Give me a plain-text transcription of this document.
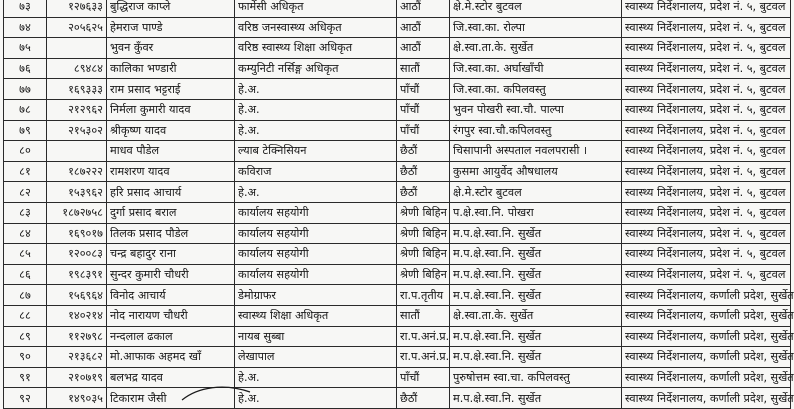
७३	१२७६३३	बुद्धिराज काप्ले	फार्मेसी अधिकृत	आठौं	क्षे.मे.स्टोर बुटवल	स्वास्थ्य निर्देशनालय, प्रदेश नं. ५, बुटवल
७४	२०५६२५	हेमराज पाण्डे	वरिष्ठ जनस्वास्थ्य अधिकृत	आठौं	जि.स्वा.का. रोल्पा	स्वास्थ्य निर्देशनालय, प्रदेश नं. ५, बुटवल
७५		भुवन कुँवर	वरिष्ठ स्वास्थ्य शिक्षा अधिकृत	आठौं	क्षे.स्वा.ता.के. सुर्खेत	स्वास्थ्य निर्देशनालय, प्रदेश नं. ५, बुटवल
७६	८९४८४	कालिका भण्डारी	कम्युनिटी नर्सिङ्ग अधिकृत	सातौं	जि.स्वा.का. अर्घाखाँची	स्वास्थ्य निर्देशनालय, प्रदेश नं. ५, बुटवल
७७	१६९३३३	राम प्रसाद भट्टराई	हे.अ.	पाँचौं	जि.स्वा.का. कपिलवस्तु	स्वास्थ्य निर्देशनालय, प्रदेश नं. ५, बुटवल
७८	२१२९६२	निर्मला कुमारी यादव	हे.अ.	पाँचौं	भुवन पोखरी स्वा.चौ. पाल्पा	स्वास्थ्य निर्देशनालय, प्रदेश नं. ५, बुटवल
७९	२१५३०२	श्रीकृष्ण यादव	हे.अ.	पाँचौं	रंगपुर स्वा.चौ.कपिलवस्तु	स्वास्थ्य निर्देशनालय, प्रदेश नं. ५, बुटवल
८०		माधव पौडेल	ल्याब टेक्निसियन	छैठौं	चिसापानी अस्पताल नवलपरासी ।	स्वास्थ्य निर्देशनालय, प्रदेश नं. ५, बुटवल
८१	१८७२२२	रामशरण यादव	कविराज	छैठौं	कुसमा आयुर्वेद औषधालय	स्वास्थ्य निर्देशनालय, प्रदेश नं. ५, बुटवल
८२	१५३९६२	हरि प्रसाद आचार्य	हे.अ.	छैठौं	क्षे.मे.स्टोर बुटवल	स्वास्थ्य निर्देशनालय, प्रदेश नं. ५, बुटवल
८३	१८७२७५८	दुर्गा प्रसाद बराल	कार्यालय सहयोगी	श्रेणी बिहिन	प.क्षे.स्वा.नि. पोखरा	स्वास्थ्य निर्देशनालय, प्रदेश नं. ५, बुटवल
८४	१६९०१७	तिलक प्रसाद पौडेल	कार्यालय सहयोगी	श्रेणी बिहिन	म.प.क्षे.स्वा.नि. सुर्खेत	स्वास्थ्य निर्देशनालय, प्रदेश नं. ५, बुटवल
८५	१२००८३	चन्द्र बहादुर राना	कार्यालय सहयोगी	श्रेणी बिहिन	म.प.क्षे.स्वा.नि. सुर्खेत	स्वास्थ्य निर्देशनालय, प्रदेश नं. ५, बुटवल
८६	१९८३९१	सुन्दर कुमारी चौधरी	कार्यालय सहयोगी	श्रेणी बिहिन	म.प.क्षे.स्वा.नि. सुर्खेत	स्वास्थ्य निर्देशनालय, प्रदेश नं. ५, बुटवल
८७	१५६९६४	विनोद आचार्य	डेमोग्राफर	रा.प.तृतीय	म.प.क्षे.स्वा.नि. सुर्खेत	स्वास्थ्य निर्देशनालय, कर्णाली प्रदेश, सुर्खेत
८८	१४०२१४	नोद नारायण चौधरी	स्वास्थ्य शिक्षा अधिकृत	सातौं	क्षे.स्वा.ता.के. सुर्खेत	स्वास्थ्य निर्देशनालय, कर्णाली प्रदेश, सुर्खेत
८९	११२७९८	नन्दलाल ढकाल	नायब सुब्बा	रा.प.अनं.प्र.	म.प.क्षे.स्वा.नि. सुर्खेत	स्वास्थ्य निर्देशनालय, कर्णाली प्रदेश, सुर्खेत
९०	२१३६८२	मो.आफाक अहमद खाँ	लेखापाल	रा.प.अनं.प्र.	म.प.क्षे.स्वा.नि. सुर्खेत	स्वास्थ्य निर्देशनालय, कर्णाली प्रदेश, सुर्खेत
९१	२१०७१९	बलभद्र यादव	हे.अ.	पाँचौं	पुरुषोत्तम स्वा.चा. कपिलवस्तु	स्वास्थ्य निर्देशनालय, कर्णाली प्रदेश, सुर्खेत
९२	१४९०३५	टिकाराम जैसी	हे.अ.	छैठौं	म.प.क्षे.स्वा.नि. सुर्खेत	स्वास्थ्य निर्देशनालय, कर्णाली प्रदेश, सुर्खेत
